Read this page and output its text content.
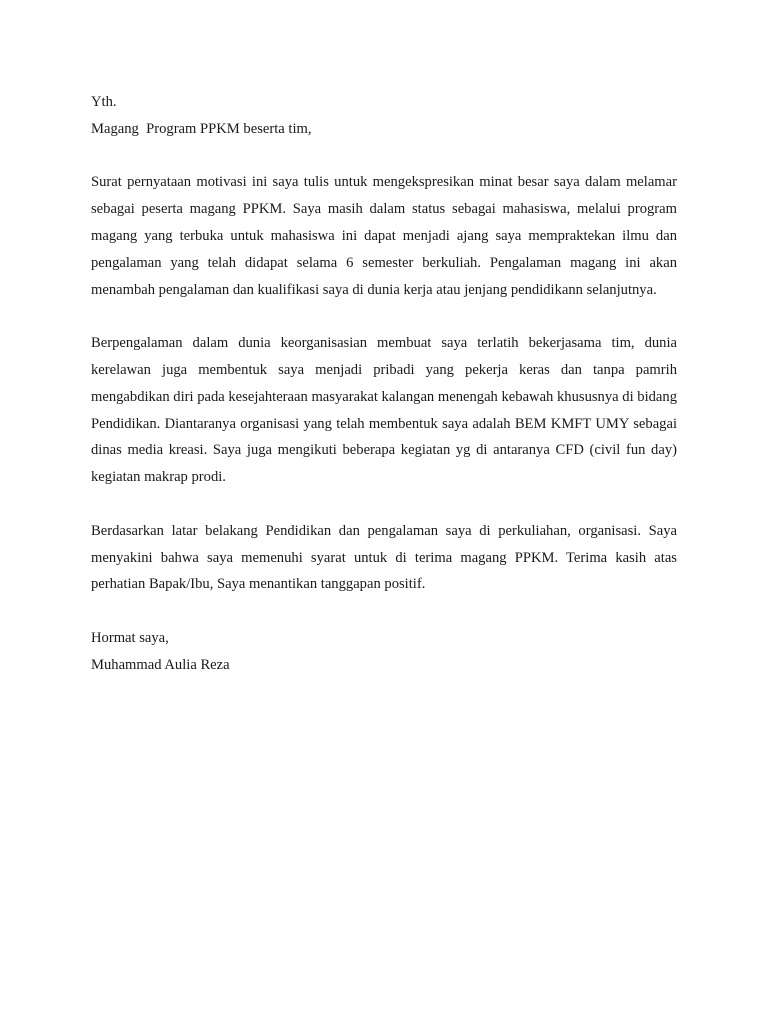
Yth.

Magang  Program PPKM beserta tim,

Surat pernyataan motivasi ini saya tulis untuk mengekspresikan minat besar saya dalam melamar sebagai peserta magang PPKM. Saya masih dalam status sebagai mahasiswa, melalui program magang yang terbuka untuk mahasiswa ini dapat menjadi ajang saya mempraktekan ilmu dan pengalaman yang telah didapat selama 6 semester berkuliah. Pengalaman magang ini akan menambah pengalaman dan kualifikasi saya di dunia kerja atau jenjang pendidikann selanjutnya.

Berpengalaman dalam dunia keorganisasian membuat saya terlatih bekerjasama tim, dunia kerelawan juga membentuk saya menjadi pribadi yang pekerja keras dan tanpa pamrih mengabdikan diri pada kesejahteraan masyarakat kalangan menengah kebawah khususnya di bidang Pendidikan. Diantaranya organisasi yang telah membentuk saya adalah BEM KMFT UMY sebagai dinas media kreasi. Saya juga mengikuti beberapa kegiatan yg di antaranya CFD (civil fun day) kegiatan makrap prodi.

Berdasarkan latar belakang Pendidikan dan pengalaman saya di perkuliahan, organisasi. Saya menyakini bahwa saya memenuhi syarat untuk di terima magang PPKM. Terima kasih atas perhatian Bapak/Ibu, Saya menantikan tanggapan positif.

Hormat saya,

Muhammad Aulia Reza
